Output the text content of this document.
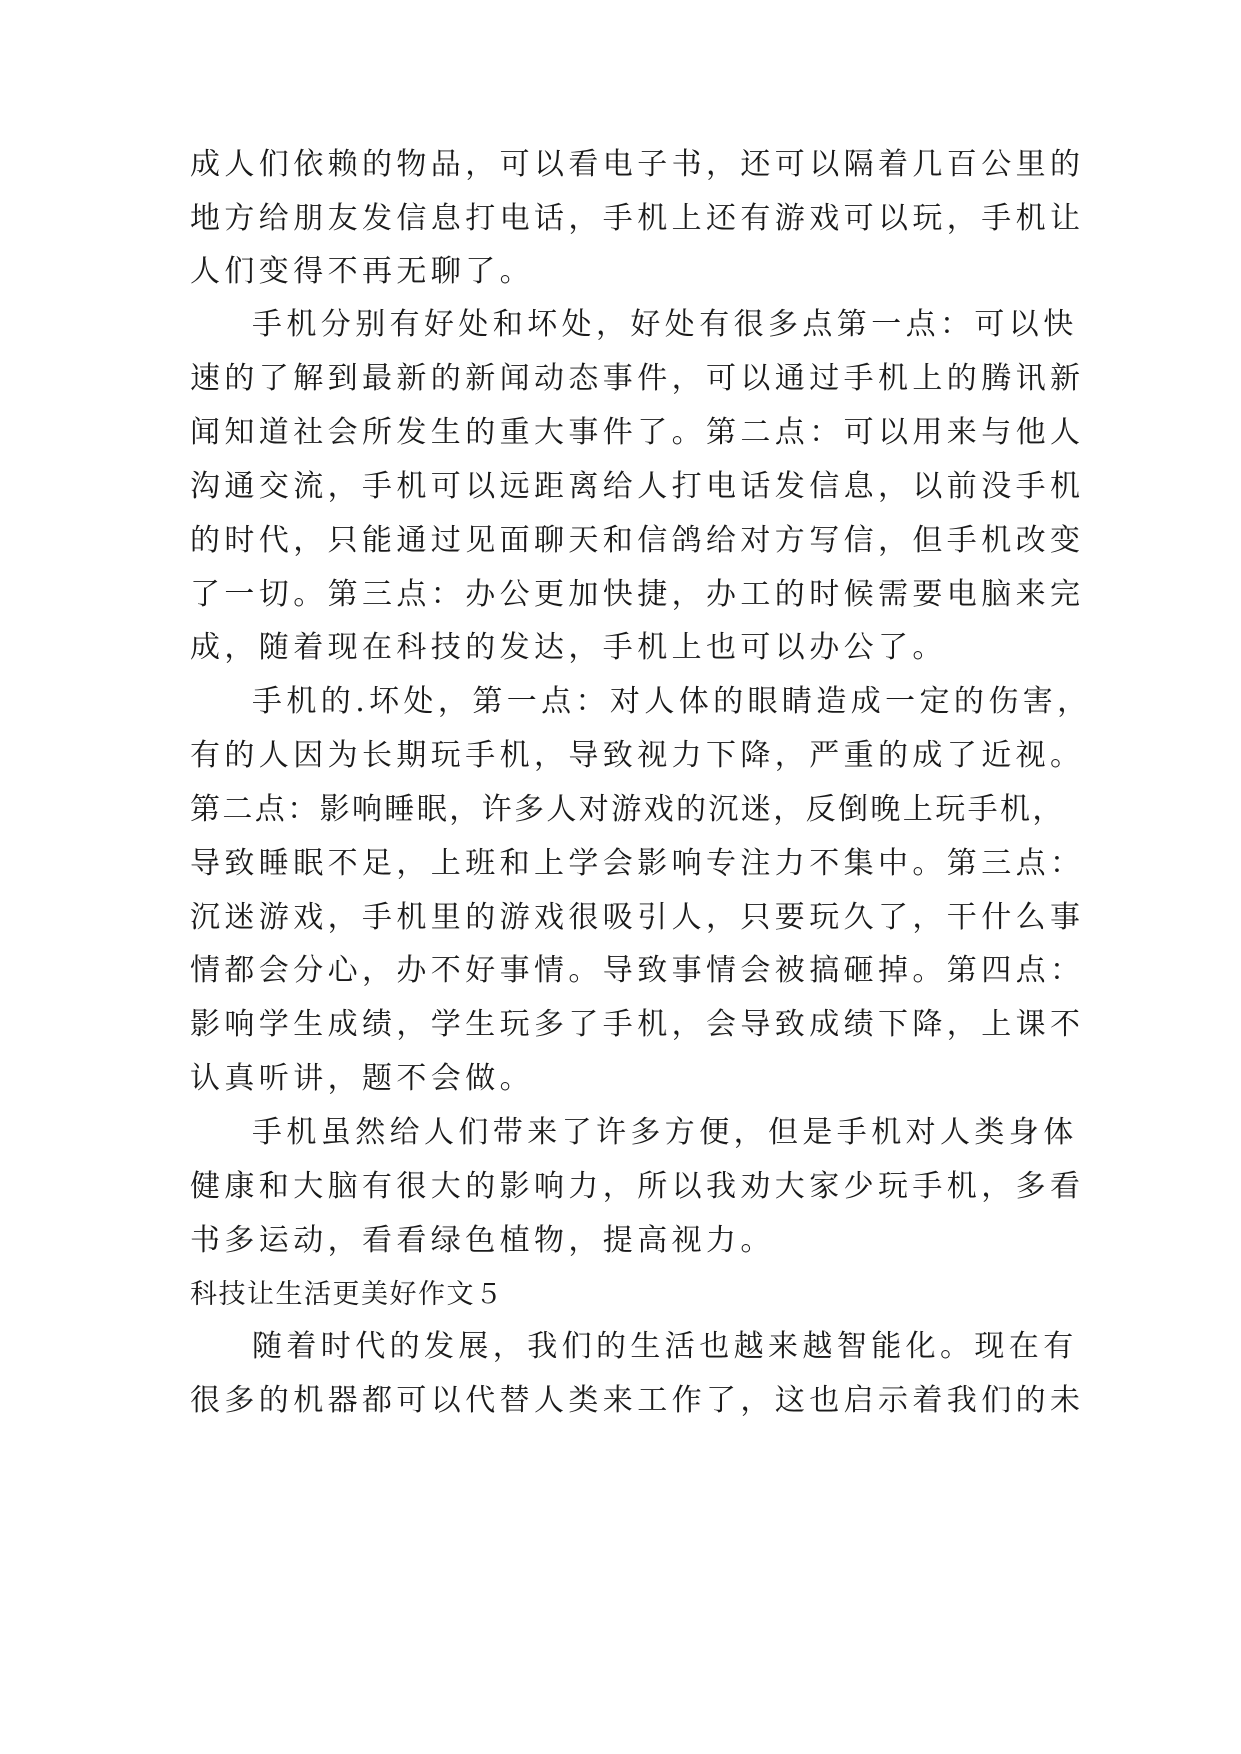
成人们依赖的物品，可以看电子书，还可以隔着几百公里的
地方给朋友发信息打电话，手机上还有游戏可以玩，手机让
人们变得不再无聊了。
手机分别有好处和坏处，好处有很多点第一点：可以快
速的了解到最新的新闻动态事件，可以通过手机上的腾讯新
闻知道社会所发生的重大事件了。第二点：可以用来与他人
沟通交流，手机可以远距离给人打电话发信息，以前没手机
的时代，只能通过见面聊天和信鸽给对方写信，但手机改变
了一切。第三点：办公更加快捷，办工的时候需要电脑来完
成，随着现在科技的发达，手机上也可以办公了。
手机的.坏处，第一点：对人体的眼睛造成一定的伤害，
有的人因为长期玩手机，导致视力下降，严重的成了近视。
第二点：影响睡眠，许多人对游戏的沉迷，反倒晚上玩手机，
导致睡眠不足，上班和上学会影响专注力不集中。第三点：
沉迷游戏，手机里的游戏很吸引人，只要玩久了，干什么事
情都会分心，办不好事情。导致事情会被搞砸掉。第四点：
影响学生成绩，学生玩多了手机，会导致成绩下降，上课不
认真听讲，题不会做。
手机虽然给人们带来了许多方便，但是手机对人类身体
健康和大脑有很大的影响力，所以我劝大家少玩手机，多看
书多运动，看看绿色植物，提高视力。
科技让生活更美好作文５
随着时代的发展，我们的生活也越来越智能化。现在有
很多的机器都可以代替人类来工作了，这也启示着我们的未
